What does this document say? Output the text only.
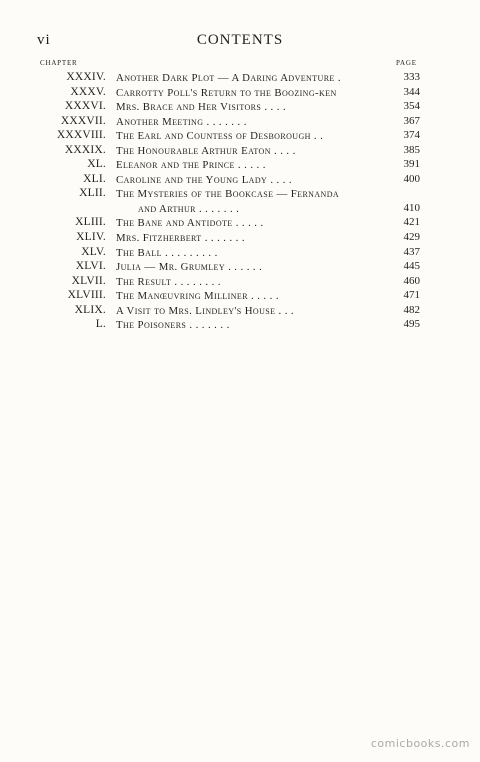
vi	CONTENTS
CHAPTER	PAGE
XXXIV. Another Dark Plot — A Daring Adventure .	333
XXXV. Carrotty Poll's Return to the Boozing-ken	344
XXXVI. Mrs. Brace and Her Visitors . . . .	354
XXXVII. Another Meeting . . . . . . .	367
XXXVIII. The Earl and Countess of Desborough . .	374
XXXIX. The Honourable Arthur Eaton . . . .	385
XL. Eleanor and the Prince . . . . .	391
XLI. Caroline and the Young Lady . . . .	400
XLII. The Mysteries of the Bookcase — Fernanda
and Arthur . . . . . . .	410
XLIII. The Bane and Antidote . . . . .	421
XLIV. Mrs. Fitzherbert . . . . . . .	429
XLV. The Ball . . . . . . . . .	437
XLVI. Julia — Mr. Grumley . . . . . .	445
XLVII. The Result . . . . . . . .	460
XLVIII. The Manœuvring Milliner . . . . .	471
XLIX. A Visit to Mrs. Lindley's House . . .	482
L. The Poisoners . . . . . . .	495
comicbooks.com
